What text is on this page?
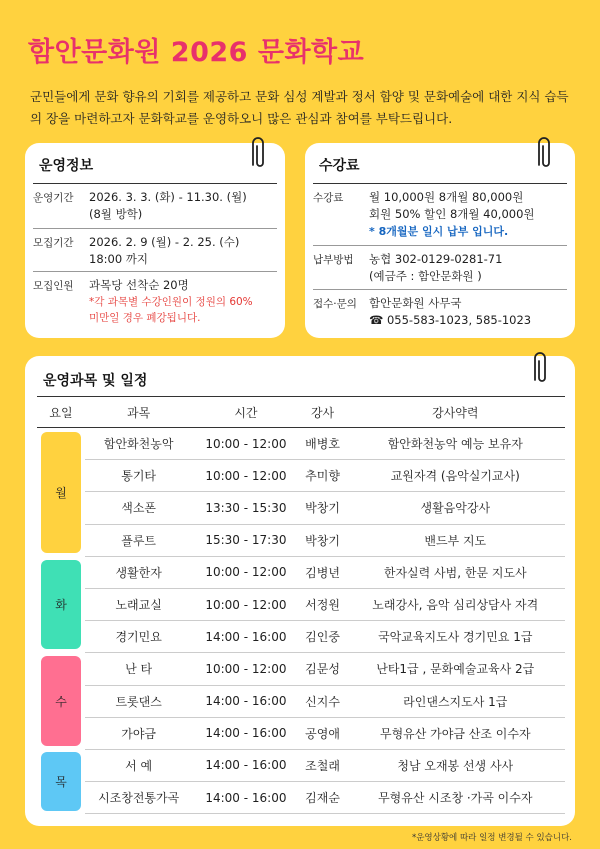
함안문화원 2026 문화학교
군민들에게 문화 향유의 기회를 제공하고 문화 심성 계발과 정서 함양 및 문화예술에 대한 지식 습득의 장을 마련하고자 문화학교를 운영하오니 많은 관심과 참여를 부탁드립니다.
운영정보
운영기간	2026. 3. 3. (화) - 11.30. (월)
(8월 방학)
모집기간	2026. 2. 9 (월) - 2. 25. (수)
18:00 까지
모집인원	과목당 선착순 20명
*각 과목별 수강인원이 정원의 60%
미만일 경우 폐강됩니다.
수강료
수강료	월 10,000원 8개월 80,000원
회원 50% 할인 8개월 40,000원
* 8개월분 일시 납부 입니다.
납부방법	농협 302-0129-0281-71
(예금주 : 함안문화원 )
접수·문의	함안문화원 사무국
☎ 055-583-1023, 585-1023
운영과목 및 일정
요일	과목	시간	강사	강사약력

월	함안화천농악	10:00 - 12:00	배병호	함안화천농악 예능 보유자
	통기타	10:00 - 12:00	추미향	교원자격 (음악실기교사)
	색소폰	13:30 - 15:30	박창기	생활음악강사
	플루트	15:30 - 17:30	박창기	밴드부 지도

화	생활한자	10:00 - 12:00	김병년	한자실력 사범, 한문 지도사
	노래교실	10:00 - 12:00	서정원	노래강사, 음악 심리상담사 자격
	경기민요	14:00 - 16:00	김인중	국악교육지도사 경기민요 1급

수	난 타	10:00 - 12:00	김문성	난타1급 , 문화예술교육사 2급
	트롯댄스	14:00 - 16:00	신지수	라인댄스지도사 1급
	가야금	14:00 - 16:00	공영애	무형유산 가야금 산조 이수자

목	서 예	14:00 - 16:00	조철래	청남 오재봉 선생 사사
	시조창전통가곡	14:00 - 16:00	김재순	무형유산 시조창 ·가곡 이수자
*운영상황에 따라 일정 변경될 수 있습니다.
